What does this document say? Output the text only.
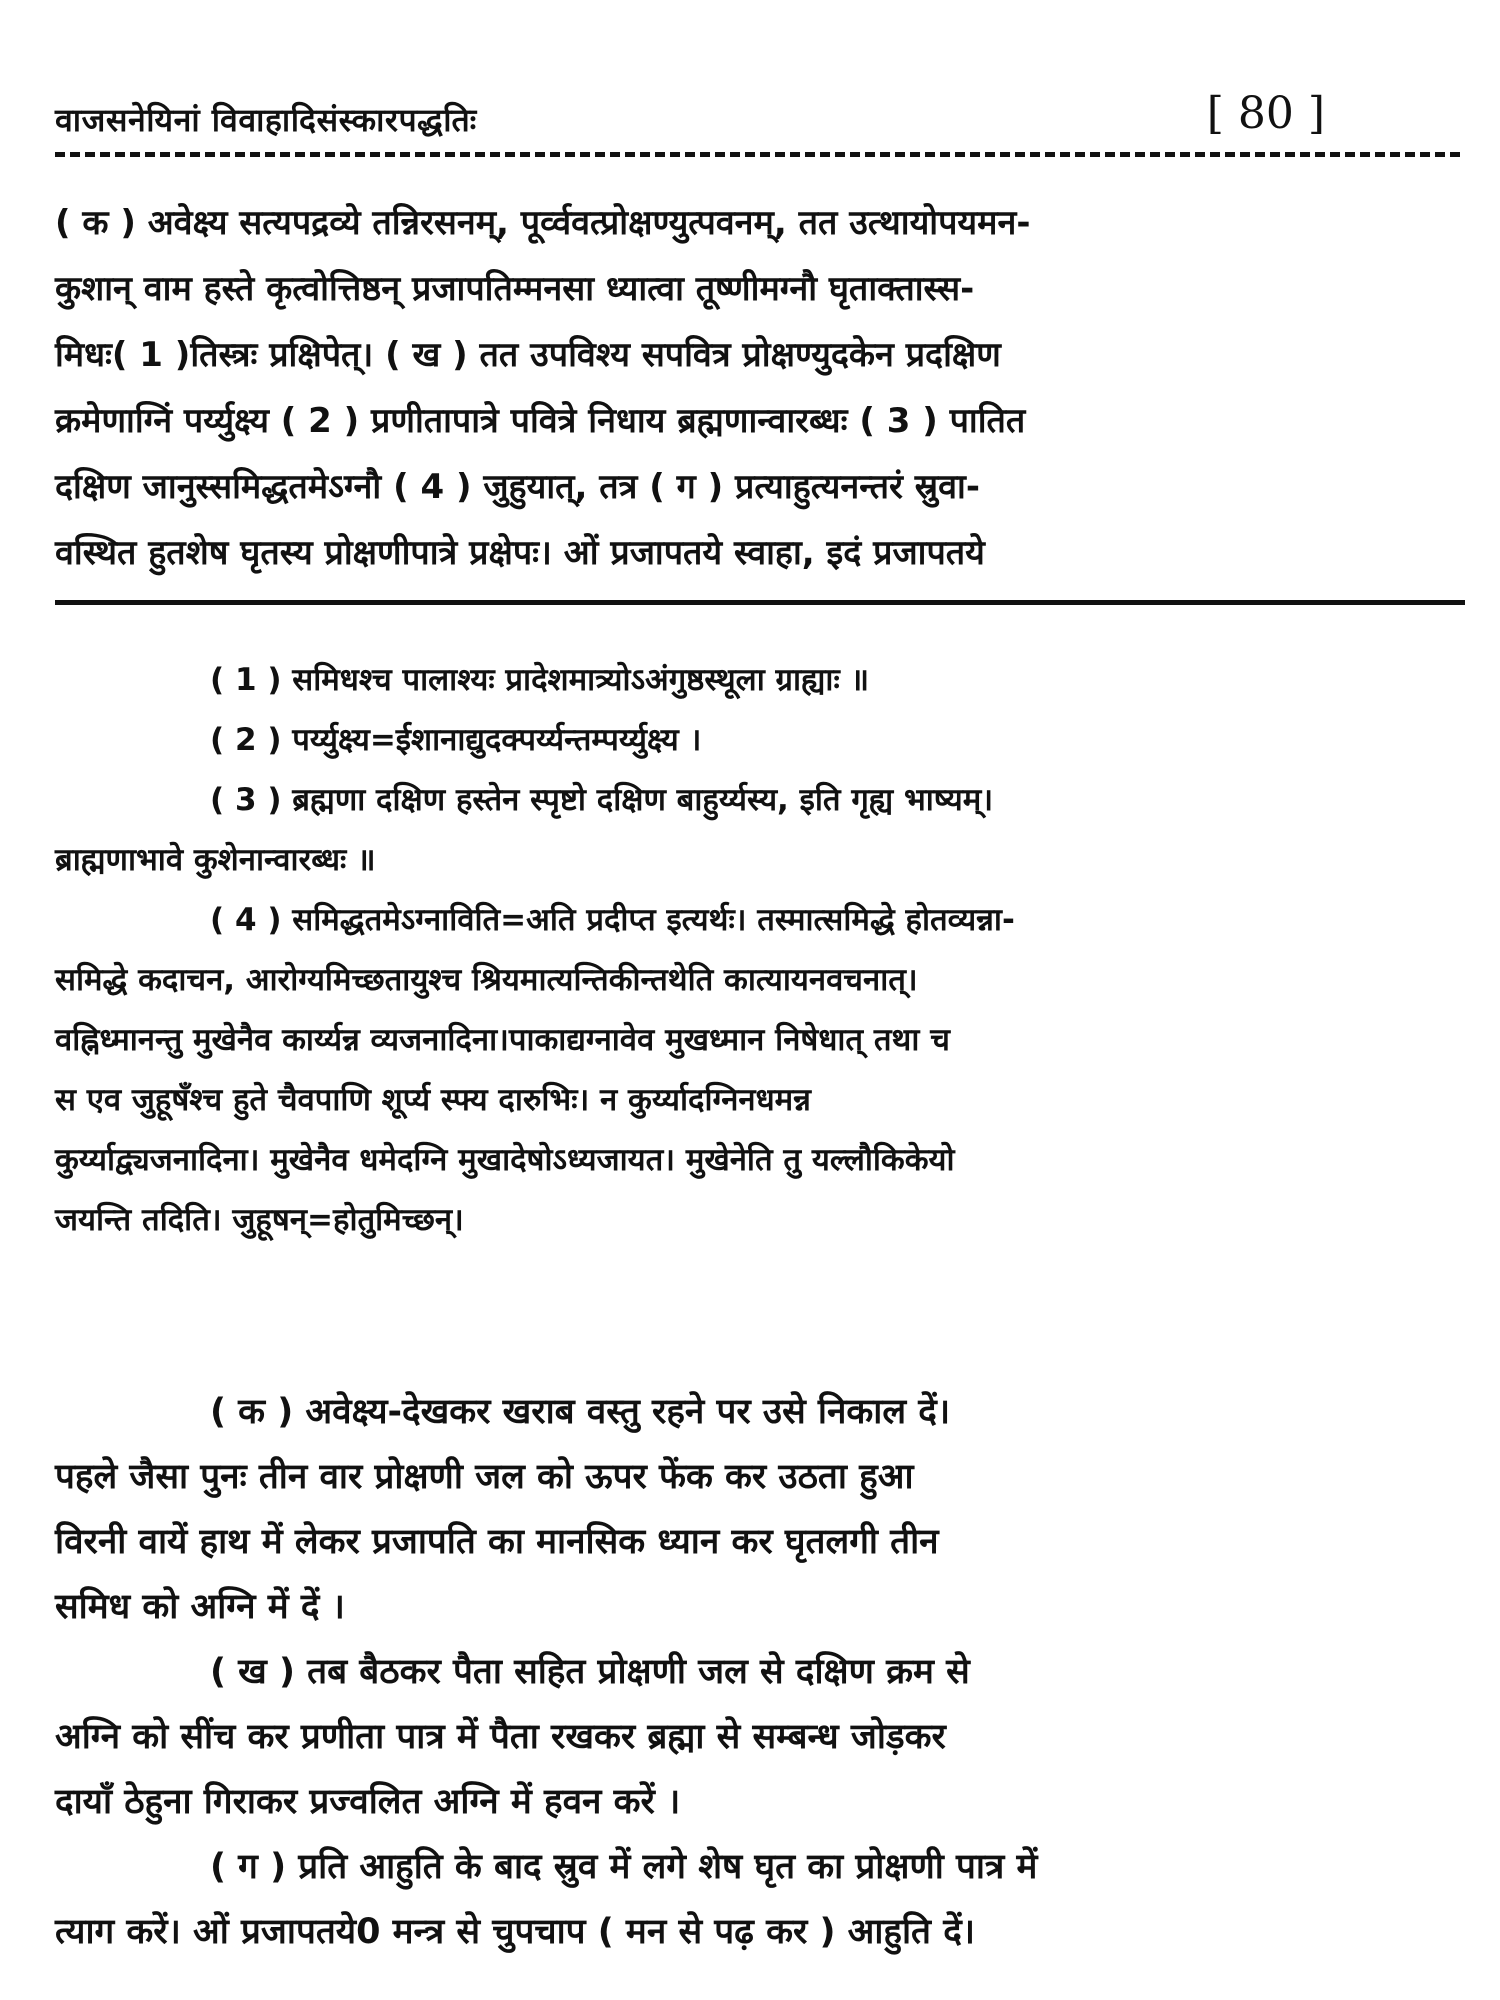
वाजसनेयिनां विवाहादिसंस्कारपद्धतिः	[ 80 ]
( क ) अवेक्ष्य सत्यपद्रव्ये तन्निरसनम्, पूर्व्ववत्प्रोक्षण्युत्पवनम्, तत उत्थायोपयमन-
कुशान् वाम हस्ते कृत्वोत्तिष्ठन् प्रजापतिम्मनसा ध्यात्वा तूष्णीमग्नौ घृताक्तास्स-
मिधः( 1 )तिस्त्रः प्रक्षिपेत्। ( ख ) तत उपविश्य सपवित्र प्रोक्षण्युदकेन प्रदक्षिण
क्रमेणाग्निं पर्य्युक्ष्य ( 2 ) प्रणीतापात्रे पवित्रे निधाय ब्रह्मणान्वारब्धः ( 3 ) पातित
दक्षिण जानुस्समिद्धतमेऽग्नौ ( 4 ) जुहुयात्, तत्र ( ग ) प्रत्याहुत्यनन्तरं स्रुवा-
वस्थित हुतशेष घृतस्य प्रोक्षणीपात्रे प्रक्षेपः। ओं प्रजापतये स्वाहा, इदं प्रजापतये
( 1 ) समिधश्च पालाश्यः प्रादेशमात्र्योऽअंगुष्ठस्थूला ग्राह्याः ॥
( 2 ) पर्य्युक्ष्य=ईशानाद्युदक्पर्य्यन्तम्पर्य्युक्ष्य ।
( 3 ) ब्रह्मणा दक्षिण हस्तेन स्पृष्टो दक्षिण बाहुर्य्यस्य, इति गृह्य भाष्यम्।
ब्राह्मणाभावे कुशेनान्वारब्धः ॥
( 4 ) समिद्धतमेऽग्नाविति=अति प्रदीप्त इत्यर्थः। तस्मात्समिद्धे होतव्यन्ना-
समिद्धे कदाचन, आरोग्यमिच्छतायुश्च श्रियमात्यन्तिकीन्तथेति कात्यायनवचनात्।
वह्निध्मानन्तु मुखेनैव कार्य्यन्न व्यजनादिना।पाकाद्यग्नावेव मुखध्मान निषेधात् तथा च
स एव जुहूषँश्च हुते चैवपाणि शूर्प्य स्फ्य दारुभिः। न कुर्य्यादग्निनधमन्न
कुर्य्याद्व्यजनादिना। मुखेनैव धमेदग्नि मुखादेषोऽध्यजायत। मुखेनेति तु यल्लौकिकेयो
जयन्ति तदिति। जुहूषन्=होतुमिच्छन्।
( क ) अवेक्ष्य-देखकर खराब वस्तु रहने पर उसे निकाल दें।
पहले जैसा पुनः तीन वार प्रोक्षणी जल को ऊपर फेंक कर उठता हुआ
विरनी वायें हाथ में लेकर प्रजापति का मानसिक ध्यान कर घृतलगी तीन
समिध को अग्नि में दें ।
( ख ) तब बैठकर पैता सहित प्रोक्षणी जल से दक्षिण क्रम से
अग्नि को सींच कर प्रणीता पात्र में पैता रखकर ब्रह्मा से सम्बन्ध जोड़कर
दायाँ ठेहुना गिराकर प्रज्वलित अग्नि में हवन करें ।
( ग ) प्रति आहुति के बाद स्रुव में लगे शेष घृत का प्रोक्षणी पात्र में
त्याग करें। ओं प्रजापतये0 मन्त्र से चुपचाप ( मन से पढ़ कर ) आहुति दें।
